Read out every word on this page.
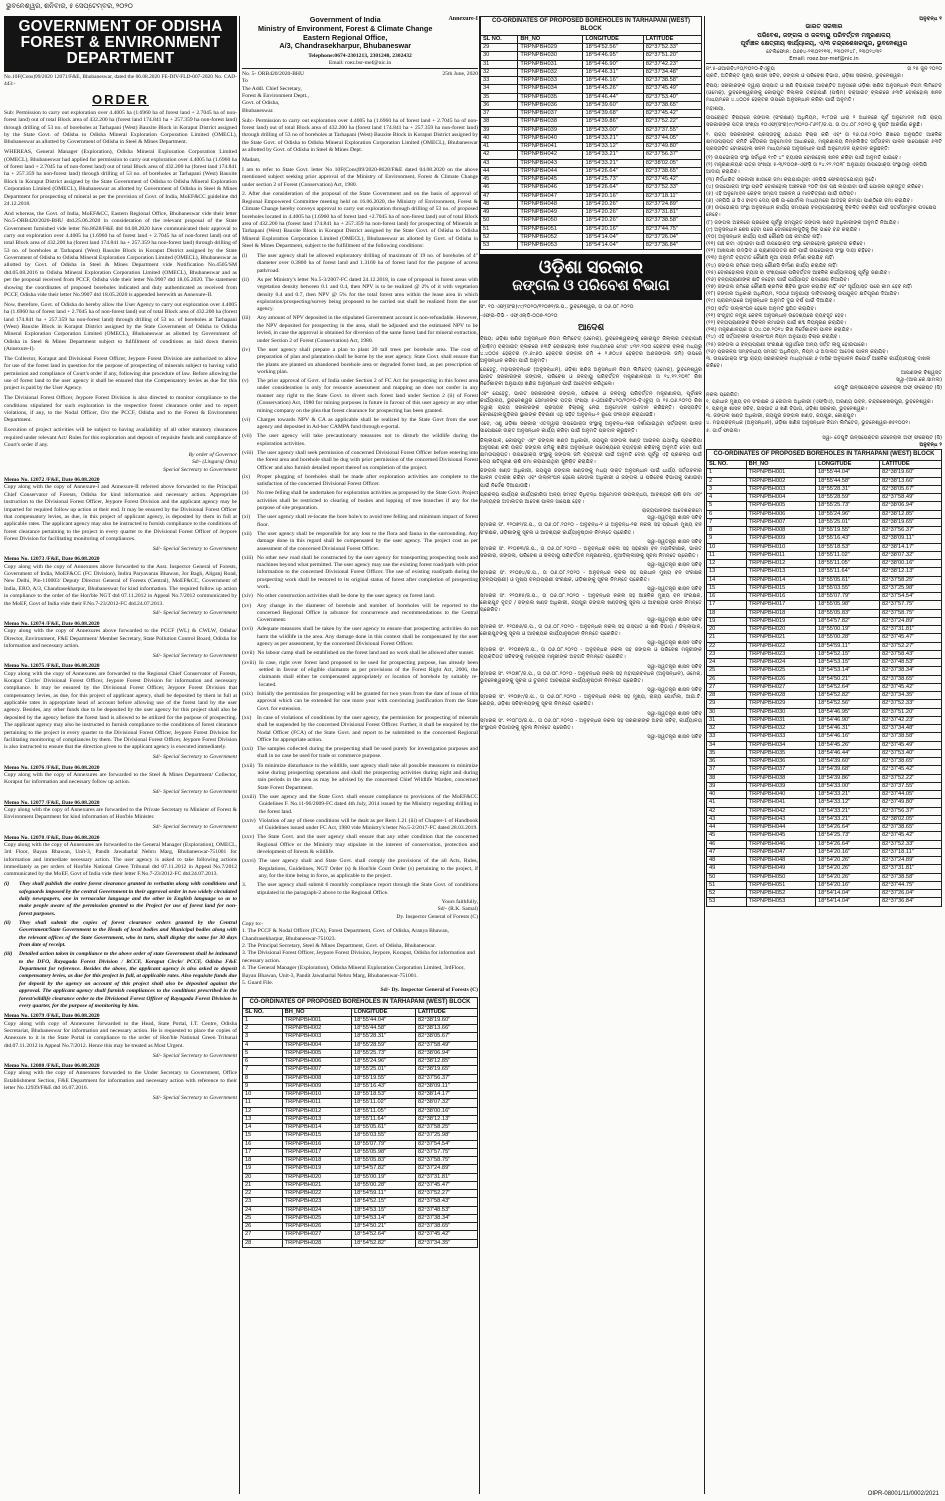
ଭୁବନେଶ୍ୱର, ଶନିବାର, ୫ ସେପ୍ଟେମ୍ବର, ୨୦୨୦
GOVERNMENT OF ODISHA FOREST & ENVIRONMENT DEPARTMENT

No.10F(Cons)99/2020 12071/F&E, Bhubaneswar, dated the 06.08.2020 FE-DIV-FLD-007-2020 No. CAD-443:-

ORDER

Sub: Permission to carry out exploration over 4.4005 ha (1.6960 ha of forest land + 2.7045 ha of non-forest land) out of total Block area of 432.200 ha (forest land 174.841 ha + 257.359 ha non-forest land) through drilling of 53 no. of boreholes at Tarhapani (West) Bauxite Block in Koraput District assigned by the State Govt. of Odisha to Odisha Mineral Exploration Corporation Limited (OMECL), Bhubaneswar as allotted by Government of Odisha in Steel & Mines Department.

WHEREAS, General Manager (Exploration), Odisha Mineral Exploration Corporation Limited (OMECL), Bhubaneswar had applied for permission to carry out exploration over 4.4005 ha (1.6960 ha of forest land + 2.7045 ha of non-forest land) out of total Block area of 432.200 ha (forest land 174.841 ha + 257.359 ha non-forest land) through drilling of 53 no. of boreholes at Tarhapani (West) Bauxite Block in Koraput District assigned by the State Government of Odisha to Odisha Mineral Exploration Corporation Limited (OMECL), Bhubaneswar as allotted by Government of Odisha in Steel & Mines Department for prospecting of mineral as per the provision of Govt. of India, MoEF&CC guideline dtd 24.12.2018.

And whereas, the Govt. of India, MoEF&CC, Eastern Regional Office, Bhubaneswar vide their letter No.5-ORB420/2020-BHU dtd.25.06.2020 in consideration of the relevant proposal of the State Government furnished vide letter No.8628/F&E dtd 04.08.2020 have communicated their approval to carry out exploration over 4.4005 ha (1.6960 ha of forest land + 2.7045 ha of non-forest land) out of total Block area of 432.200 ha (forest land 174.841 ha + 257.359 ha non-forest land) through drilling of 53 no. of boreholes at Tarhapani (West) Bauxite Block in Koraput District assigned by the State Government of Odisha to Odisha Mineral Exploration Corporation Limited (OMECL), Bhubaneswar as allotted by Govt. of Odisha in Steel & Mines Department vide Notification No.4505/SM dtd.05.08.2016 to Odisha Mineral Exploration Corporation Limited (OMECL), Bhubaneswar and as per the proposal received from PCCF, Odisha vide their letter No.9907 dtd 18.05.2020. The statement showing the coordinates of proposed boreholes indicated and duly authenticated as received from PCCF, Odisha vide their letter No.9907 dtd 18.05.2020 is appended herewith as Annexure-II.

Now, therefore, Govt. of Odisha do hereby allow the User Agency to carry out exploration over 4.4005 ha (1.6960 ha of forest land + 2.7045 ha of non-forest land) out of total Block area of 432.200 ha (forest land 174.841 ha + 257.359 ha non-forest land) through drilling of 53 no. of boreholes at Tarhapani (West) Bauxite Block in Koraput District assigned by the State Government of Odisha to Odisha Mineral Exploration Corporation Limited (OMECL), Bhubaneswar as allotted by Government of Odisha in Steel & Mines Department subject to fulfillment of conditions as laid down therein (Annexure-I).

The Collector, Koraput and Divisional Forest Officer, Jeypore Forest Division are authorized to allow for use of the forest land in question for the purpose of prospecting of minerals subject to having valid permission and compliance of Court's order if any, following due procedure of law. Before allowing the use of forest land to the user agency it shall be ensured that the Compensatory levies as due for this project is paid by the User Agency.

The Divisional Forest Officer, Jeypore Forest Division is also directed to monitor compliance to the conditions stipulated for such exploration in the respective forest clearance order and to report violations, if any, to the Nodal Officer, O/o the PCCF, Odisha and to the Forest & Environment Department.

Execution of project activities will be subject to having availability of all other statutory clearances required under relevant Act/ Rules for this exploration and deposit of requisite funds and compliance of Court's order if any.

By order of Governor
Sd/- (Lingaraj Otta)
Special Secretary to Government
Memo No. 12072 /F&E, Date 06.08.2020

Copy along with the copy of Annexure-I and Annexure-II referred above forwarded to the Principal Chief Conservator of Forests, Odisha for kind information and necessary action. Appropriate instruction to the Divisional Forest Officer, Jeypore Forest Division and the applicant agency may be imparted for required follow up action at their end. It may be ensured by the Divisional Forest Officer that compensatory levies, as due, in this project of applicant agency, is deposited by them in full at applicable rates. The applicant agency may also be instructed to furnish compliance to the conditions of forest clearance pertaining to the project in every quarter to the Divisional Forest Officer of Jeypore Forest Division for facilitating monitoring of compliances.

Sd/- Special Secretary to Government
Memo No. 12073 /F&E, Date 06.08.2020

Copy along with the copy of Annexures above forwarded to the Asst. Inspector General of Forests, Government of India, MoEF&CC (FC Division), Indira Paryavaran Bhawan, Jor Bagh, Aliganj Road, New Delhi, Pin-110003/ Deputy Director General of Forests (Central), MoEF&CC, Government of India, ERO, A/3, Chandrasekharpur, Bhubaneswar for kind information. The required follow up action in compliance to the order of the Hon'ble NGT dtd 07.11.2012 in Appeal No.7/2012 communicated by the MoEF, Govt of India vide their F.No.7-23/2012-FC dtd.24.07.2013.

Sd/- Special Secretary to Government
Memo No. 12074 /F&E, Date 06.08.2020

Copy along with the copy of Annexures above forwarded to the PCCF (WL) & CWLW, Odisha/ Director, Environment, F&E Department/ Member Secretary, State Pollution Control Board, Odisha for information and necessary action.

Sd/- Special Secretary to Government
Memo No. 12075 /F&E, Date 06.08.2020

Copy along with the copy of Annexures are forwarded to the Regional Chief Conservator of Forests, Koraput Circle/ Divisional Forest Officer, Jeypore Forest Division for information and necessary compliance. It may be ensured by the Divisional Forest Officer, Jeypore Forest Division that compensatory levies, as due, for this project of applicant agency, shall be deposited by them in full at applicable rates in appropriate head of account before allowing use of the forest land by the user agency. Besides, any other funds due to be deposited by the user agency for this project shall also be deposited by the agency before the forest land is allowed to be utilized for the purpose of prospecting. The applicant agency may also be instructed to furnish compliance to the conditions of forest clearance pertaining to the project in every quarter to the Divisional Forest Officer, Jeypore Forest Division for facilitating monitoring of compliances by them. The Divisional Forest Officer, Jeypore Forest Division is also instructed to ensure that the direction given to the applicant agency is executed immediately.

Sd/- Special Secretary to Government
Memo No. 12076 /F&E, Date 06.08.2020

Copy along with the copy of Annexures are forwarded to the Steel & Mines Department/ Collector, Koraput for information and necessary follow up action.

Sd/- Special Secretary to Government
Memo No. 12077 /F&E, Date 06.08.2020

Copy along with the copy of Annexures are forwarded to the Private Secretary to Minister of Forest & Environment Department for kind information of Hon'ble Minister.

Sd/- Special Secretary to Government
Memo No. 12078 /F&E, Date 06.08.2020

Copy along with the copy of Annexures are forwarded to the General Manager (Exploration), OMECL, 3rd Floor, Bayan Bhawan, Unit-3, Pandit Jawaharlal Nehru Marg, Bhubaneswar-751001 for information and immediate necessary action. The user agency is asked to take following actions immediately as per orders of Hon'ble National Green Tribunal dtd 07.11.2012 in Appeal No.7/2012 communicated by the MoEF, Govt of India vide their letter F.No.7-23/2012-FC dtd.24.07.2013.

(i)	They shall publish the entire forest clearance granted in verbatim along with conditions and safeguards imposed by the central Government in their approval order in two widely circulated daily newspapers, one in vernacular language and the other in English language so as to make people aware of the permission granted to the Project for use of forest land for non-forest purposes.
(ii)	They shall submit the copies of forest clearance orders granted by the Central Government/State Government to the Heads of local bodies and Municipal bodies along with the relevant offices of the State Government, who in turn, shall display the same for 30 days from date of receipt.
(iii)	Detailed action taken in compliance to the above order of state Government shall be intimated to the DFO, Rayagada Forest Division / RCCF, Koraput Circle/ PCCF, Odisha F&E Department for reference. Besides the above, the applicant agency is also asked to deposit compensatory levies, as due for this project in full, at applicable rates. Also requisite funds due for deposit by the agency on account of this project shall also be deposited against the approval. The applicant agency shall furnish compliances to the conditions prescribed in the forest/wildlife clearance order to the Divisional Forest Officer of Rayagada Forest Division in every quarter, for the purpose of monitoring by him.
Memo No. 12079 /F&E, Date 06.08.2020

Copy along with copy of Annexures forwarded to the Head, State Portal, I.T. Centre, Odisha Secretariat, Bhubaneswar for information and necessary action. He is requested to place the copies of Annexure to it in the State Portal in compliance to the order of Hon'ble National Green Tribunal dtd.07.11.2012 in Appeal No.7/2012. Hence this may be treated as Most Urgent.

Sd/- Special Secretary to Government
Memo No. 12080 /F&E, Date 06.08.2020

Copy along with the copy of Annexures forwarded to the Under Secretary to Government, Office Establishment Section, F&E Department for information and necessary action with reference to their letter No.12939/F&E dtd 16.07.2016.

Sd/- Special Secretary to Government
Government of India
Ministry of Environment, Forest & Climate Change
Eastern Regional Office,
A/3, Chandrasekharpur, Bhubaneswar
Annexure-I
Telephone:0674-2301213, 2301248, 2302432
Email: roez.bsr-mef@nic.in
No. 5- ORB420/2020-BHU	25th June, 2020

To
The Addl. Chief Secretary,
Forest & Environment Deptt.,
Govt. of Odisha,
Bhubaneswar.

Sub:- Permission to carry out exploration over 4.4005 ha (1.6960 ha of forest land + 2.7045 ha of non-forest land) out of total Block area of 432.200 ha (forest land 174.841 ha + 257.359 ha non-forest land) through drilling of 53 no of boreholes at Tarhapani (West) Bauxite Block in Koraput District assigned by the State Govt. of Odisha to Odisha Mineral Exploration Corporation Limited (OMECL), Bhubaneswar as allotted by Govt. of Odisha in Steel & Mines Dept.

Madam,

I am to refer to State Govt. letter No 10F(Cons)99/2020-8628/F&E dated 04.08.2020 on the above mentioned subject seeking prior approval of the Ministry of Environment, Forest & Climate Change under section 2 of Forest (Conservation) Act, 1980.

2. After due consideration of the proposal of the State Government and on the basis of approval of Regional Empowered Committee meeting held on 16.06.2020, the Ministry of Environment, Forest & Climate Change hereby conveys approval to carry out exploration through drilling of 53 no. of proposed boreholes located in 4.4005 ha (1.6960 ha of forest land +2.7045 ha of non-forest land) out of total Block area of 432.200 ha (forest land 174.841 ha + 257.359 ha non-forest land) for prospecting of Minerals at Tarhapani (West) Bauxite Block in Koraput District assigned by the State Govt. of Odisha to Odisha Mineral Exploration Corporation Limited (OMECL), Bhubaneswar as allotted by Govt. of Odisha in Steel & Mines Department, subject to the fulfillment of the following conditions:

(i)	The user agency shall be allowed exploratory drilling of maximum of 19 no. of boreholes of 4" diameter over 0.3800 ha of forest land and 1.3160 ha of forest land for the purpose of access path/road.
(ii)	As per Ministry's letter No.5-3/2007-FC dated 24.12.2018, in case of proposal in forest areas with vegetation density between 0.1 and 0.4, then NPV is to be realized @ 2% of it with vegetation density 0.4 and 0.7, then NPV @ 5% for the total forest area within the lease area in which exploration/prospecting/survey being proposed to be carried out shall be realized from the user agency.
(iii)	Any amount of NPV deposited in the stipulated Government account is non-refundable. However, the NPV deposited for prospecting in the area, shall be adjusted and the estimated NPV to be levied, in case the approval is obtained for diversion of the same forest land for mineral extraction, under Section 2 of Forest (Conservation) Act, 1980.
(iv)	The user agency shall prepare a plan to plant 20 tall trees per borehole area. The cost of preparation of plan and plantation shall be borne by the user agency. State Govt. shall ensure that the plants are planted on abandoned borehole area or degraded forest land, as per prescription of working plan.
(v)	The prior approval of Govt. of India under Section 2 of FC Act for prospecting in this forest area under consideration is only for resource assessment and mapping an does not confer in any manner any right to the State Govt. to divert such forest land under Section 2 (ii) of Forest (Conservation) Act, 1980 for mining purposes in future in favour of this user agency or any other mining company on the plea that forest clearance for prospecting has been granted.
(vi)	Charges towards NPV & CA as applicable shall be realized by the State Govt from the user agency and deposited in Ad-hoc CAMPA fund through e-portal.
(vii) The user agency will take precautionary measures not to disturb the wildlife during the exploration activities.
(viii) The user agency shall seek permission of concerned Divisional Forest Officer before entering into the forest area and borehole shall be dug with prior permission of the concerned Divisional Forest Officer and also furnish detailed report thereof on completion of the project.
(ix)	Proper plugging of boreholes shall be made after exploration activities are complete to the satisfaction of the concerned Divisional Forest Officer.
(x)	No tree felling shall be undertaken for exploration activities as proposed by the State Govt. Project activities shall be restricted to clearing of bushes and lopping of tree branches if any for the purpose of site preparation.
(xi)	The user agency shall re-locate the bore hole/s to avoid tree felling and minimum impact of forest floor.
(xii) The user agency shall be responsible for any loss to the flora and fauna in the surrounding. Any damage done in this regard shall be compensated by the user agency. The project cost as per assessment of the concerned Divisional Forest Officer.
(xiii) No other new road shall be constructed by the user agency for transporting prospecting tools and machines beyond what permitted. The user agency may use the existing forest road/path with prior information to the concerned Divisional Forest Officer. The use of existing road/path during the prospecting work shall be restored to its original status of forest after completion of prospecting work.
(xiv) No other construction activities shall be done by the user agency on forest land.
(xv)	Any change in the diameter of borehole and number of boreholes will be reported to the concerned Regional Office in advance for concurrence and recommendations to the Central Government.
(xvi) Adequate measures shall be taken by the user agency to ensure that prospecting activities do not harm the wildlife in the area. Any damage done in this context shall be compensated by the user agency as per assessment, by the concerned Divisional Forest Officer.
(xvii) No labour camp shall be established on the forest land and no work shall be allowed after sunset.
(xviii) In case, right over forest land proposed to be used for prospecting purpose, has already been settled in favour of eligible claimants as per provisions of the Forest Right Act, 2006, the claimants shall either be compensated appropriately or location of borehole by suitably re-located.
(xix) Initially the permission for prospecting will be granted for two years from the date of issue of this approval which can be extended for one more year with convincing justification from the State Govt. for extension.
(xx)	In case of violations of conditions by the user agency, the permission for prospecting of minerals shall be suspended by the concerned Divisional Forest Officer. Further, it shall be enquired by the Nodal Officer (FCA) of the State Govt. and report to be submitted to the concerned Regional Office for appropriate action.
(xxi) The samples collected during the prospecting shall be used purely for investigation purposes and shall in no case be used for trade or commerce purpose.
(xxii) To minimize disturbance to the wildlife, user agency shall take all possible measures to minimize noise during prospecting operations and shall the prospecting activities during night and during rain periods in the area as may be advised by the concerned Chief Wildlife Warden, concerned State Forest Department.
(xxiii) The user agency and the State Govt. shall ensure compliance to provisions of the MoEF&CC Guidelines F. No.11-96/2009-FC dated 4th July, 2014 issued by the Ministry regarding drilling in the forest land.
(xxiv) Violation of any of these conditions will be dealt as per Rem 1.21 (iii) of Chapter-1 of Handbook of Guidelines issued under FC Act, 1980 vide Ministry's letter No.5-2/2017-FC dated 28.03.2019.
(xxv) The State Govt. and the user agency shall ensure that any other condition that the concerned Regional Office or the Ministry may stipulate in the interest of conservation, protection and development of forests & wildlife.
(xxvi) The user agency shall and State Govt. shall comply the provisions of the all Acts, Rules, Regulations, Guidelines, NGT Order (s) & Hon'ble Court Order (s) pertaining to the project, if any, for the time being in force, as applicable to the project.
3.	The user agency shall submit 6 monthly compliance report through the State Govt. of conditions stipulated in the paragraph-2 above to the Regional Office.
Yours faithfully,
Sd/- (R.K. Samal)
Dy. Inspector General of Forests (C)
Copy to:-
1. The PCCF & Nodal Officer (FCA), Forest Department, Govt. of Odisha, Aranya Bhawan, Chandrasekharpur, Bhubaneswar-751023.
2. The Principal Secretary, Steel & Mines Department, Govt. of Odisha, Bhubaneswar.
3. The Divisional Forest Officer, Jeypore Forest Division, Jeypore, Koraput, Odisha for information and necessary action.
4. The General Manager (Exploration), Odisha Mineral Exploration Corporation Limited, 3rdFloor, Bayan Bhawan, Unit-3, Pandit Jawaharlal Nehru Marg, Bhubaneswar-751001.
5. Guard File.
Sd/- Dy. Inspector General of Forests (C)
CO-ORDINATES OF PROPOSED BOREHOLES IN TARHAPANI (WEST) BLOCK
SL NO.	BH_NO	LONGITUDE	LATITUDE
1	TRPNPBH001	18°55'44.04"	82°38'19.60"
2	TRPNPBH002	18°55'44.58"	82°38'13.66"
3	TRPNPBH003	18°55'28.31"	82°38'05.67"
4	TRPNPBH004	18°55'28.59"	82°37'58.49"
5	TRPNPBH005	18°55'25.73"	82°38'06.94"
6	TRPNPBH006	18°55'24.96"	82°38'12.85"
7	TRPNPBH007	18°55'25.01"	82°38'19.65"
8	TRPNPBH008	18°55'19.55"	82°37'56.37"
9	TRPNPBH009	18°55'16.43"	82°38'09.11"
10	TRPNPBH010	18°55'18.53"	82°38'14.17"
11	TRPNPBH011	18°55'11.02"	82°38'07.32"
12	TRPNPBH012	18°55'11.05"	82°38'00.16"
13	TRPNPBH013	18°55'11.64"	82°38'12.13"
14	TRPNPBH014	18°55'05.61"	82°37'58.25"
15	TRPNPBH015	18°55'03.55"	82°37'25.98"
16	TRPNPBH016	18°55'07.79"	82°37'54.54"
17	TRPNPBH017	18°55'05.98"	82°37'57.75"
18	TRPNPBH018	18°55'05.83"	82°37'58.75"
19	TRPNPBH019	18°54'57.82"	82°37'24.89"
20	TRPNPBH020	18°55'00.19"	82°37'31.81"
21	TRPNPBH021	18°55'00.28"	82°37'45.47"
22	TRPNPBH022	18°54'59.11"	82°37'52.27"
23	TRPNPBH023	18°54'52.15"	82°37'58.43"
24	TRPNPBH024	18°54'53.15"	82°37'48.53"
25	TRPNPBH025	18°54'53.14"	82°37'38.34"
26	TRPNPBH026	18°54'50.21"	82°37'38.65"
27	TRPNPBH027	18°54'52.64"	82°37'45.42"
28	TRPNPBH028	18°54'52.82"	82°37'34.35"
CO-ORDINATES OF PROPOSED BOREHOLES IN TARHAPANI (WEST) BLOCK
SL NO.	BH_NO	LONGITUDE	LATITUDE
29	TRPNPBH029	18°54'52.56"	82°37'52.33"
30	TRPNPBH030	18°54'46.95"	82°37'51.20"
31	TRPNPBH031	18°54'46.90"	82°37'42.23"
32	TRPNPBH032	18°54'46.31"	82°37'34.48"
33	TRPNPBH033	18°54'46.16"	82°37'38.58"
34	TRPNPBH034	18°54'45.26"	82°37'45.49"
35	TRPNPBH035	18°54'46.44"	82°37'53.40"
36	TRPNPBH036	18°54'39.60"	82°37'38.65"
37	TRPNPBH037	18°54'39.68"	82°37'45.42"
38	TRPNPBH038	18°54'39.86"	82°37'52.22"
39	TRPNPBH039	18°54'33.00"	82°37'37.55"
40	TRPNPBH040	18°54'33.21"	82°37'44.05"
41	TRPNPBH041	18°54'33.12"	82°37'49.80"
42	TRPNPBH042	18°54'33.21"	82°37'56.37"
43	TRPNPBH043	18°54'33.21"	82°38'02.05"
44	TRPNPBH044	18°54'26.64"	82°37'38.65"
45	TRPNPBH045	18°54'25.73"	82°37'45.42"
46	TRPNPBH046	18°54'26.64"	82°37'52.33"
47	TRPNPBH047	18°54'20.16"	82°37'18.11"
48	TRPNPBH048	18°54'20.26"	82°37'24.89"
49	TRPNPBH049	18°54'20.26"	82°37'31.81"
50	TRPNPBH050	18°54'20.26"	82°37'38.58"
51	TRPNPBH051	18°54'20.16"	82°37'44.75"
52	TRPNPBH052	18°54'14.04"	82°37'26.04"
53	TRPNPBH053	18°54'14.04"	82°37'36.84"
ଓଡ଼ିଶା ସରକାର
ଜଙ୍ଗଲ ଓ ପରିବେଶ ବିଭାଗ

ସଂ. ୧୦ ଏଫ୍(ସଂର)୯୯/୨୦୨୦/୧୨୦୭୧/ଜ.ପ., ଭୁବନେଶ୍ୱର, ତା ୦୬.୦୮.୨୦୨୦

-ଏଫ୍‌ଇ-ଡିଭି - ଏଫ୍‌ଏଲ୍‌ଡି-୦୦୭-୨୦୨୦

ଆଦେଶ

ବିଷୟ: ଓଡ଼ିଶା ଖଣିଜ ଅନୁସନ୍ଧାନ ନିଗମ ଲିମିଟେଡ୍ (ଓମେକ୍), ଭୁବନେଶ୍ୱରଙ୍କୁ କୋରାପୁଟ ଜିଲ୍ଲାର ତରହାପାଣି (ପଶ୍ଚିମ) ବକ୍ସାଇଟ୍ ବ୍ଲକରେ ୫୩ଟି ବୋରହୋଲ୍ ଖନନ ମାଧ୍ୟମରେ ମୋଟ ୪୩୨.୨୦୦ ହେକ୍ଟର ବ୍ଲକ୍ ମଧ୍ୟରୁ ୪.୪୦୦୫ ହେକ୍ଟର (୧.୬୯୬୦ ହେକ୍ଟର ଜଙ୍ଗଲ ଜମି + ୨.୭୦୪୫ ହେକ୍ଟର ଅଣଜଙ୍ଗଲ ଜମି) ଉପରେ ଅନୁସନ୍ଧାନ କରିବା ପାଇଁ ଅନୁମତି।

ଯେହେତୁ, ମହାପ୍ରବନ୍ଧକ (ଅନୁସନ୍ଧାନ), ଓଡ଼ିଶା ଖଣିଜ ଅନୁସନ୍ଧାନ ନିଗମ ଲିମିଟେଡ୍ (ଓମେକ୍), ଭୁବନେଶ୍ୱର ଭାରତ ସରକାରଙ୍କ ଜଙ୍ଗଲ, ପରିବେଶ ଓ ଜଳବାୟୁ ପରିବର୍ତ୍ତନ ମନ୍ତ୍ରଣାଳୟର ତା ୨୪.୧୨.୨୦୧୮ ରିଖ ନିର୍ଦ୍ଦେଶାବଳୀ ଅନୁଯାୟୀ ଖଣିଜ ଅନୁସନ୍ଧାନ ପାଇଁ ଆବେଦନ କରିଥିଲେ।

ଏବଂ ଯେହେତୁ, ଭାରତ ସରକାରଙ୍କ ଜଙ୍ଗଲ, ପରିବେଶ ଓ ଜଳବାୟୁ ପରିବର୍ତ୍ତନ ମନ୍ତ୍ରଣାଳୟ, ପୂର୍ବାଞ୍ଚଳ କାର୍ଯ୍ୟାଳୟ, ଭୁବନେଶ୍ୱର ସେମାନଙ୍କ ପତ୍ର ସଂଖ୍ୟା ୫-ଓଆରବି୪୨୦/୨୦୨୦-ବିଏଚ୍ୟୁ ତା ୨୫.୦୬.୨୦୨୦ ରିଖ ଦ୍ୱାରା ରାଜ୍ୟ ସରକାରଙ୍କ ପ୍ରସ୍ତାବ ବିଚାରକୁ ନେଇ ଅନୁମୋଦନ ପ୍ରଦାନ କରିଛନ୍ତି। ପ୍ରସ୍ତାବିତ ବୋରହୋଲଗୁଡ଼ିକର ସ୍ଥାନାଙ୍କ ବିବରଣୀ ଏଥି ସହିତ ଅନୁବନ୍ଧ-୨ ରୂପେ ସଂଲଗ୍ନ କରାଯାଇଛି।

ଏବେ, ଏଣୁ ଓଡ଼ିଶା ସରକାର ଏତଦ୍ୱାରା ଉପଭୋକ୍ତା ସଂସ୍ଥାକୁ ଅନୁବନ୍ଧ-୧ରେ ଦର୍ଶାଯାଇଥିବା ସର୍ତ୍ତାବଳୀ ପାଳନ ସାପେକ୍ଷରେ ଉକ୍ତ ଅନୁସନ୍ଧାନ କାର୍ଯ୍ୟ କରିବା ପାଇଁ ଅନୁମତି ପ୍ରଦାନ କରୁଛନ୍ତି।

ଜିଲ୍ଲାପାଳ, କୋରାପୁଟ ଏବଂ ଜଙ୍ଗଲ ଖଣ୍ଡ ଅଧିକାରୀ, ଜୟପୁର ଜଙ୍ଗଲ ଖଣ୍ଡ ଆଇନର ଯଥାବିଧି ପ୍ରକ୍ରିୟା ଅନୁସରଣ କରି ଉକ୍ତ ଜଙ୍ଗଲ ଜମିକୁ ଖଣିଜ ଅନୁସନ୍ଧାନ ଉଦ୍ଦେଶ୍ୟରେ ବ୍ୟବହାର କରିବାକୁ ଅନୁମତି ଦେବା ପାଇଁ କ୍ଷମତାପ୍ରାପ୍ତ। ଉପଭୋକ୍ତା ସଂସ୍ଥାକୁ ଜଙ୍ଗଲ ଜମି ବ୍ୟବହାର ପାଇଁ ଅନୁମତି ଦେବା ପୂର୍ବରୁ ଏହି ପ୍ରକଳ୍ପ ପାଇଁ ଦେୟ କ୍ଷତିପୂରଣ ରାଶି ଜମା କରାଯାଇଥିବା ସୁନିଶ୍ଚିତ କରାଯିବ।

ଜଙ୍ଗଲ ଖଣ୍ଡ ଅଧିକାରୀ, ଜୟପୁର ଜଙ୍ଗଲ ଖଣ୍ଡଙ୍କୁ ମଧ୍ୟ ଉକ୍ତ ଅନୁସନ୍ଧାନ ପାଇଁ ଧାର୍ଯ୍ୟ ସର୍ତ୍ତାବଳୀର ପାଳନ ତଦାରଖ କରିବା ଏବଂ ଉଲ୍ଲଂଘନ ହେଲେ ନୋଡାଲ ଅଧିକାରୀ ଓ ଜଙ୍ଗଲ ଓ ପରିବେଶ ବିଭାଗକୁ ଜଣାଇବା ପାଇଁ ନିର୍ଦ୍ଦେଶ ଦିଆଯାଉଛି।

ପ୍ରକଳ୍ପ କାର୍ଯ୍ୟର କାର୍ଯ୍ୟକାରିତା ଅନ୍ୟ ସମସ୍ତ ବିଧିବଦ୍ଧ ଅନୁମୋଦନ ଉପଲବ୍ଧତା, ଆବଶ୍ୟକ ରାଶି ଜମା ଏବଂ ମାନ୍ୟବର ଅଦାଲତର ଆଦେଶ ପାଳନ ସାପେକ୍ଷ ହେବ।

ରାଜ୍ୟପାଳଙ୍କ ଆଦେଶକ୍ରମେ
ସ୍ୱା-ସ୍ୱତନ୍ତ୍ର ଶାସନ ସଚିବ

ସ୍ମାରକ ସଂ. ୧୨୦୭୨/ଜ.ପ., ତା ୦୬.୦୮.୨୦୨୦ - ଅନୁବନ୍ଧ-୧ ଓ ଅନୁବନ୍ଧ-୨ର ନକଲ ସହ ପ୍ରଧାନ ମୁଖ୍ୟ ବନ ସଂରକ୍ଷକ, ଓଡ଼ିଶାଙ୍କୁ ସୂଚନା ଓ ଆବଶ୍ୟକ କାର୍ଯ୍ୟାନୁଷ୍ଠାନ ନିମନ୍ତେ ପ୍ରେରିତ।

ସ୍ୱା-ସ୍ୱତନ୍ତ୍ର ଶାସନ ସଚିବ

ସ୍ମାରକ ସଂ. ୧୨୦୭୩/ଜ.ପ., ତା ୦୬.୦୮.୨୦୨୦ - ଅନୁବନ୍ଧର ନକଲ ସହ ସହକାରୀ ବନ ମହାନିରୀକ୍ଷକ, ଭାରତ ସରକାର, ଜଙ୍ଗଲ, ପରିବେଶ ଓ ଜଳବାୟୁ ପରିବର୍ତ୍ତନ ମନ୍ତ୍ରଣାଳୟ, ନୂଆଦିଲ୍ଲୀଙ୍କୁ ସୂଚନା ନିମନ୍ତେ ପ୍ରେରିତ।

ସ୍ୱା-ସ୍ୱତନ୍ତ୍ର ଶାସନ ସଚିବ

ସ୍ମାରକ ସଂ. ୧୨୦୭୪/ଜ.ପ., ତା ୦୬.୦୮.୨୦୨୦ - ଅନୁବନ୍ଧର ନକଲ ସହ ପ୍ରଧାନ ମୁଖ୍ୟ ବନ ସଂରକ୍ଷକ (ବନ୍ୟପ୍ରାଣୀ) ଓ ମୁଖ୍ୟ ବନ୍ୟପ୍ରାଣୀ ସଂରକ୍ଷକ, ଓଡ଼ିଶାଙ୍କୁ ସୂଚନା ନିମନ୍ତେ ପ୍ରେରିତ।

ସ୍ୱା-ସ୍ୱତନ୍ତ୍ର ଶାସନ ସଚିବ

ସ୍ମାରକ ସଂ. ୧୨୦୭୫/ଜ.ପ., ତା ୦୬.୦୮.୨୦୨୦ - ଅନୁବନ୍ଧର ନକଲ ସହ ଆଞ୍ଚଳିକ ମୁଖ୍ୟ ବନ ସଂରକ୍ଷକ, କୋରାପୁଟ ବୃତ୍ତ / ଜଙ୍ଗଲ ଖଣ୍ଡ ଅଧିକାରୀ, ଜୟପୁର ଜଙ୍ଗଲ ଖଣ୍ଡଙ୍କୁ ସୂଚନା ଓ ଆବଶ୍ୟକ ପାଳନ ନିମନ୍ତେ ପ୍ରେରିତ।

ସ୍ୱା-ସ୍ୱତନ୍ତ୍ର ଶାସନ ସଚିବ

ସ୍ମାରକ ସଂ. ୧୨୦୭୬/ଜ.ପ., ତା ୦୬.୦୮.୨୦୨୦ - ଅନୁବନ୍ଧର ନକଲ ସହ ଇସ୍ପାତ ଓ ଖଣି ବିଭାଗ / ଜିଲ୍ଲାପାଳ, କୋରାପୁଟଙ୍କୁ ସୂଚନା ଓ ଆବଶ୍ୟକ କାର୍ଯ୍ୟାନୁଷ୍ଠାନ ନିମନ୍ତେ ପ୍ରେରିତ।

ସ୍ୱା-ସ୍ୱତନ୍ତ୍ର ଶାସନ ସଚିବ

ସ୍ମାରକ ସଂ. ୧୨୦୭୭/ଜ.ପ., ତା ୦୬.୦୮.୨୦୨୦ - ଅନୁବନ୍ଧର ନକଲ ସହ ଜଙ୍ଗଲ ଓ ପରିବେଶ ମନ୍ତ୍ରୀଙ୍କ ବ୍ୟକ୍ତିଗତ ସଚିବଙ୍କୁ ମାନ୍ୟବର ମନ୍ତ୍ରୀଙ୍କ ଅବଗତି ନିମନ୍ତେ ପ୍ରେରିତ।

ସ୍ୱା-ସ୍ୱତନ୍ତ୍ର ଶାସନ ସଚିବ

ସ୍ମାରକ ସଂ. ୧୨୦୭୮/ଜ.ପ., ତା ୦୬.୦୮.୨୦୨୦ - ଅନୁବନ୍ଧର ନକଲ ସହ ମହାପ୍ରବନ୍ଧକ (ଅନୁସନ୍ଧାନ), ଓମେକ୍, ଭୁବନେଶ୍ୱରଙ୍କୁ ସୂଚନା ଓ ତୁରନ୍ତ ଆବଶ୍ୟକ କାର୍ଯ୍ୟାନୁଷ୍ଠାନ ନିମନ୍ତେ ପ୍ରେରିତ।

ସ୍ୱା-ସ୍ୱତନ୍ତ୍ର ଶାସନ ସଚିବ

ସ୍ମାରକ ସଂ. ୧୨୦୭୯/ଜ.ପ., ତା ୦୬.୦୮.୨୦୨୦ - ଅନୁବନ୍ଧର ନକଲ ସହ ମୁଖ୍ୟ, ରାଜ୍ୟ ପୋର୍ଟାଲ, ଆଇ.ଟି. କେନ୍ଦ୍ର, ଓଡ଼ିଶା ସଚିବାଳୟଙ୍କୁ ସୂଚନା ନିମନ୍ତେ ପ୍ରେରିତ।

ସ୍ୱା-ସ୍ୱତନ୍ତ୍ର ଶାସନ ସଚିବ

ସ୍ମାରକ ସଂ. ୧୨୦୮୦/ଜ.ପ., ତା ୦୬.୦୮.୨୦୨୦ - ଅନୁବନ୍ଧର ନକଲ ସହ ସରକାରଙ୍କ ଅବର ସଚିବ, କାର୍ଯ୍ୟାଳୟ ସଂସ୍ଥାପନ ବିଭାଗଙ୍କୁ ସୂଚନା ନିମନ୍ତେ ପ୍ରେରିତ।

ସ୍ୱା-ସ୍ୱତନ୍ତ୍ର ଶାସନ ସଚିବ
ଅନୁବନ୍ଧ ୧
ଭାରତ ସରକାର
ପରିବେଶ, ଜଙ୍ଗଲ ଓ ଜଳବାୟୁ ପରିବର୍ତ୍ତନ ମନ୍ତ୍ରଣାଳୟ
ପୂର୍ବାଞ୍ଚଳ କ୍ଷେତ୍ରୀୟ କାର୍ଯ୍ୟାଳୟ, ଏ/୩ ଚନ୍ଦ୍ରଶେଖରପୁର, ଭୁବନେଶ୍ୱର
ଟେଲିଫୋନ: ୦୬୭୪-୨୩୦୧୨୧୩, ୨୩୦୧୨୪୮, ୨୩୦୨୪୩୨
Email: roez.bsr-mef@nic.in
ନଂ.୫-ଓଆରବି୪୨୦/୨୦୨୦-ବିଏଚ୍ୟୁ	ତା ୨୫ ଜୁନ ୨୦୨୦

ପ୍ରତି, ଅତିରିକ୍ତ ମୁଖ୍ୟ ଶାସନ ସଚିବ, ଜଙ୍ଗଲ ଓ ପରିବେଶ ବିଭାଗ, ଓଡ଼ିଶା ସରକାର, ଭୁବନେଶ୍ୱର।

ବିଷୟ: ସରକାରଙ୍କ ଦ୍ୱାରା ଇସ୍ପାତ ଓ ଖଣି ବିଭାଗରେ ଆବଣ୍ଟିତ ଅନୁସାରେ ଓଡ଼ିଶା ଖଣିଜ ଅନୁସନ୍ଧାନ ନିଗମ ଲିମିଟେଡ୍ (ଓମେକ୍), ଭୁବନେଶ୍ୱରଙ୍କୁ କୋରାପୁଟ ଜିଲ୍ଲାର ତରହାପାଣି (ପଶ୍ଚିମ) ବକ୍ସାଇଟ୍ ବ୍ଲକରେ ୫୩ଟି ବୋରହୋଲ୍ ଖନନ ମାଧ୍ୟମରେ ୪.୪୦୦୫ ହେକ୍ଟର ଉପରେ ଅନୁସନ୍ଧାନ କରିବା ପାଇଁ ଅନୁମତି।

ମହାଶୟା,

ଉପରୋକ୍ତ ବିଷୟରେ ଜଙ୍ଗଲ (ସଂରକ୍ଷଣ) ଅଧିନିୟମ, ୧୯୮୦ର ଧାରା ୨ ଅଧୀନରେ ପୂର୍ବ ଅନୁମୋଦନ ମାଗି ରାଜ୍ୟ ସରକାରଙ୍କ ପତ୍ର ସଂଖ୍ୟା ୧୦ଏଫ୍(ସଂର)୯୯/୨୦୨୦-୮୬୨୮/ଜ.ପ. ତା ୦୪.୦୮.୨୦୨୦ କୁ ଦୃଷ୍ଟି ଆକର୍ଷଣ କରୁଛି।

୨. ରାଜ୍ୟ ସରକାରଙ୍କ ପ୍ରସ୍ତାବକୁ ଯଥାଯଥ ବିଚାର କରି ଏବଂ ତା ୧୬.୦୬.୨୦୨୦ ରିଖରେ ଅନୁଷ୍ଠିତ ଆଞ୍ଚଳିକ କ୍ଷମତାପ୍ରାପ୍ତ କମିଟି ବୈଠକର ଅନୁମୋଦନ ଆଧାରରେ, ମନ୍ତ୍ରଣାଳୟ ନିମ୍ନଲିଖିତ ସର୍ତ୍ତାବଳୀ ପାଳନ ସାପେକ୍ଷରେ ୫୩ଟି ପ୍ରସ୍ତାବିତ ବୋରହୋଲ୍ ଖନନ ମାଧ୍ୟମରେ ଅନୁସନ୍ଧାନ ପାଇଁ ଅନୁମୋଦନ ପ୍ରଦାନ କରୁଛନ୍ତି:

(୧) ଉପଭୋକ୍ତା ସଂସ୍ଥା ସର୍ବାଧିକ ୧୯ଟି ୪" ବ୍ୟାସର ବୋରହୋଲ୍ ଖନନ କରିବା ପାଇଁ ଅନୁମତି ପାଇବେ।
(୨) ମନ୍ତ୍ରଣାଳୟର ପତ୍ର ସଂଖ୍ୟା ୫-୩/୨୦୦୭-ଏଫ୍‌ସି ତା ୨୪.୧୨.୨୦୧୮ ଅନୁଯାୟୀ ଉପଭୋକ୍ତା ସଂସ୍ଥାଠାରୁ ଏନ୍‌ପିଭି ଆଦାୟ କରାଯିବ।
(୩) ନିର୍ଦ୍ଧାରିତ ସରକାରୀ ଖାତାରେ ଜମା କରାଯାଇଥିବା ଏନ୍‌ପିଭି ଫେରସ୍ତଯୋଗ୍ୟ ନୁହେଁ।
(୪) ଉପଭୋକ୍ତା ସଂସ୍ଥା ପ୍ରତି ବୋରହୋଲ୍ ଅଞ୍ଚଳରେ ୨୦ଟି ଉଚ୍ଚ ଗଛ ଲଗାଇବା ପାଇଁ ଯୋଜନା ପ୍ରସ୍ତୁତ କରିବେ।
(୫) ଏହି ଅନୁମୋଦନ କେବଳ ସମ୍ପଦ ଆକଳନ ଓ ମାନଚିତ୍ରଣ ପାଇଁ ଉଦ୍ଦିଷ୍ଟ।
(୬) ଏନ୍‌ପିଭି ଓ ସିଏ ବାବଦ ଦେୟ ରାଶି ଇ-ପୋର୍ଟାଲ ମାଧ୍ୟମରେ ଆଡହକ୍ କାମ୍ପା ପାଣ୍ଠିରେ ଜମା କରାଯିବ।
(୭) ଉପଭୋକ୍ତା ସଂସ୍ଥା ଅନୁସନ୍ଧାନ କାର୍ଯ୍ୟ ସମୟରେ ବନ୍ୟପ୍ରାଣୀଙ୍କୁ ବିଚଳିତ ନକରିବା ପାଇଁ ସତର୍କତାମୂଳକ ପଦକ୍ଷେପ ନେବେ।
(୮) ଜଙ୍ଗଲ ଅଞ୍ଚଳରେ ପ୍ରବେଶ ପୂର୍ବରୁ ସମ୍ପୃକ୍ତ ଜଙ୍ଗଲ ଖଣ୍ଡ ଅଧିକାରୀଙ୍କ ଅନୁମତି ନିଆଯିବ।
(୯) ଅନୁସନ୍ଧାନ ଶେଷ ହେବା ପରେ ବୋରହୋଲଗୁଡ଼ିକୁ ଠିକ୍ ଭାବେ ବନ୍ଦ କରାଯିବ।
(୧୦) ଅନୁସନ୍ଧାନ କାର୍ଯ୍ୟ ପାଇଁ କୌଣସି ଗଛ କଟାଯିବ ନାହିଁ।
(୧୧) ଗଛ କଟା ଏଡ଼ାଇବା ପାଇଁ ଉପଭୋକ୍ତା ସଂସ୍ଥା ବୋରହୋଲ୍ ସ୍ଥାନାନ୍ତର କରିବେ।
(୧୨) ଆଖପାଖ ଉଦ୍ଭିଦ ଓ ପ୍ରାଣୀଜଗତର କ୍ଷତି ପାଇଁ ଉପଭୋକ୍ତା ସଂସ୍ଥା ଦାୟୀ ରହିବେ।
(୧୩) ଅନୁମତି ବ୍ୟତୀତ କୌଣସି ନୂଆ ରାସ୍ତା ନିର୍ମାଣ କରାଯିବ ନାହିଁ।
(୧୪) ଜଙ୍ଗଲ ଜମିରେ ଅନ୍ୟ କୌଣସି ନିର୍ମାଣ କାର୍ଯ୍ୟ କରାଯିବ ନାହିଁ।
(୧୫) ବୋରହୋଲର ବ୍ୟାସ ବା ସଂଖ୍ୟାରେ ପରିବର୍ତ୍ତନ ଆଞ୍ଚଳିକ କାର୍ଯ୍ୟାଳୟକୁ ପୂର୍ବରୁ ଜଣାଯିବ।
(୧୬) ବନ୍ୟପ୍ରାଣୀଙ୍କ କ୍ଷତି ନହେବା ପାଇଁ ପର୍ଯ୍ୟାପ୍ତ ପଦକ୍ଷେପ ନିଆଯିବ।
(୧୭) ଜଙ୍ଗଲ ଜମିରେ କୌଣସି ଶ୍ରମିକ ଶିବିର ସ୍ଥାପନ କରାଯିବ ନାହିଁ ଏବଂ ସୂର୍ଯ୍ୟାସ୍ତ ପରେ କାମ ହେବ ନାହିଁ।
(୧୮) ଜଙ୍ଗଲ ଅଧିକାର ଅଧିନିୟମ, ୨୦୦୬ ଅନୁଯାୟୀ ଦାବିଦାରଙ୍କୁ ଉପଯୁକ୍ତ କ୍ଷତିପୂରଣ ଦିଆଯିବ।
(୧୯) ପ୍ରାରମ୍ଭରେ ଅନୁସନ୍ଧାନ ଅନୁମତି ଦୁଇ ବର୍ଷ ପାଇଁ ଦିଆଯିବ।
(୨୦) ସର୍ତ୍ତ ଉଲ୍ଲଂଘନ ହେଲେ ଅନୁମତି ସ୍ଥଗିତ କରାଯିବ।
(୨୧) ସଂଗୃହୀତ ନମୁନା କେବଳ ଅନୁସନ୍ଧାନ ଉଦ୍ଦେଶ୍ୟରେ ବ୍ୟବହୃତ ହେବ।
(୨୨) ବନ୍ୟପ୍ରାଣୀଙ୍କ ବିଚଳନ କମାଇବା ପାଇଁ ଶବ୍ଦ ନିୟନ୍ତ୍ରଣ କରାଯିବ।
(୨୩) ମନ୍ତ୍ରଣାଳୟର ତା ୦୪.୦୭.୨୦୧୪ ରିଖ ନିର୍ଦ୍ଦେଶାବଳୀ ପାଳନ କରାଯିବ।
(୨୪) ଏହି ସର୍ତ୍ତାବଳୀର ଉଲ୍ଲଂଘନ ନିୟମ ଅନୁଯାୟୀ ବିଚାର କରାଯିବ।
(୨୫) ଜଙ୍ଗଲ ଓ ବନ୍ୟପ୍ରାଣୀ ସଂରକ୍ଷଣ ସ୍ୱାର୍ଥରେ ଅନ୍ୟ ସର୍ତ୍ତ ଲାଗୁ ହୋଇପାରେ।
(୨୬) ପ୍ରକଳ୍ପ ସମ୍ବନ୍ଧୀୟ ସମସ୍ତ ଅଧିନିୟମ, ନିୟମ ଓ ଅଦାଲତ ଆଦେଶ ପାଳନ କରାଯିବ।
୩. ଉପଭୋକ୍ତା ସଂସ୍ଥା ରାଜ୍ୟ ସରକାରଙ୍କ ମାଧ୍ୟମରେ ୬ ମାସିକ ଅନୁପାଳନ ରିପୋର୍ଟ ଆଞ୍ଚଳିକ କାର୍ଯ୍ୟାଳୟକୁ ଦାଖଲ କରିବେ।
ଆପଣଙ୍କ ବିଶ୍ୱସ୍ତ
ସ୍ୱା-(ଆର.କେ.ସାମଲ)
ଡେପୁଟି ଇନ୍‌ସପେକ୍ଟର ଜେନେରାଲ ଅଫ୍ ଫରେଷ୍ଟ (ସି)
ନକଲ ପ୍ରେରିତ:
୧. ପ୍ରଧାନ ମୁଖ୍ୟ ବନ ସଂରକ୍ଷକ ଓ ନୋଡାଲ ଅଧିକାରୀ (ଏଫ୍‌ସିଏ), ଅରଣ୍ୟ ଭବନ, ଚନ୍ଦ୍ରଶେଖରପୁର, ଭୁବନେଶ୍ୱର।
୨. ପ୍ରମୁଖ ଶାସନ ସଚିବ, ଇସ୍ପାତ ଓ ଖଣି ବିଭାଗ, ଓଡ଼ିଶା ସରକାର, ଭୁବନେଶ୍ୱର।
୩. ଜଙ୍ଗଲ ଖଣ୍ଡ ଅଧିକାରୀ, ଜୟପୁର ଜଙ୍ଗଲ ଖଣ୍ଡ, ଜୟପୁର, କୋରାପୁଟ।
୪. ମହାପ୍ରବନ୍ଧକ (ଅନୁସନ୍ଧାନ), ଓଡ଼ିଶା ଖଣିଜ ଅନୁସନ୍ଧାନ ନିଗମ ଲିମିଟେଡ୍, ଭୁବନେଶ୍ୱର-୭୫୧୦୦୧।
୫. ଗାର୍ଡ ଫାଇଲ।
ସ୍ୱା- ଡେପୁଟି ଇନ୍‌ସପେକ୍ଟର ଜେନେରାଲ ଅଫ୍ ଫରେଷ୍ଟ (ସି)
ଅନୁବନ୍ଧ ୨
CO-ORDINATES OF PROPOSED BOREHOLES IN TARHAPANI (WEST) BLOCK
SL NO.	BH_NO	LONGITUDE	LATITUDE
1	TRPNPBH001	18°55'44.04"	82°38'19.60"
2	TRPNPBH002	18°55'44.58"	82°38'13.66"
3	TRPNPBH003	18°55'28.31"	82°38'05.67"
4	TRPNPBH004	18°55'28.59"	82°37'58.49"
5	TRPNPBH005	18°55'25.73"	82°38'06.94"
6	TRPNPBH006	18°55'24.96"	82°38'12.85"
7	TRPNPBH007	18°55'25.01"	82°38'19.65"
8	TRPNPBH008	18°55'19.55"	82°37'56.37"
9	TRPNPBH009	18°55'16.43"	82°38'09.11"
10	TRPNPBH010	18°55'18.53"	82°38'14.17"
11	TRPNPBH011	18°55'11.02"	82°38'07.32"
12	TRPNPBH012	18°55'11.05"	82°38'00.16"
13	TRPNPBH013	18°55'11.64"	82°38'12.13"
14	TRPNPBH014	18°55'05.61"	82°37'58.25"
15	TRPNPBH015	18°55'03.55"	82°37'25.98"
16	TRPNPBH016	18°55'07.79"	82°37'54.54"
17	TRPNPBH017	18°55'05.98"	82°37'57.75"
18	TRPNPBH018	18°55'05.83"	82°37'58.75"
19	TRPNPBH019	18°54'57.82"	82°37'24.89"
20	TRPNPBH020	18°55'00.19"	82°37'31.81"
21	TRPNPBH021	18°55'00.28"	82°37'45.47"
22	TRPNPBH022	18°54'59.11"	82°37'52.27"
23	TRPNPBH023	18°54'52.15"	82°37'58.43"
24	TRPNPBH024	18°54'53.15"	82°37'48.53"
25	TRPNPBH025	18°54'53.14"	82°37'38.34"
26	TRPNPBH026	18°54'50.21"	82°37'38.65"
27	TRPNPBH027	18°54'52.64"	82°37'45.42"
28	TRPNPBH028	18°54'52.82"	82°37'34.35"
29	TRPNPBH029	18°54'52.56"	82°37'52.33"
30	TRPNPBH030	18°54'46.95"	82°37'51.20"
31	TRPNPBH031	18°54'46.90"	82°37'42.23"
32	TRPNPBH032	18°54'46.31"	82°37'34.48"
33	TRPNPBH033	18°54'46.16"	82°37'38.58"
34	TRPNPBH034	18°54'45.26"	82°37'45.49"
35	TRPNPBH035	18°54'46.44"	82°37'53.40"
36	TRPNPBH036	18°54'39.60"	82°37'38.65"
37	TRPNPBH037	18°54'39.68"	82°37'45.42"
38	TRPNPBH038	18°54'39.86"	82°37'52.22"
39	TRPNPBH039	18°54'33.00"	82°37'37.55"
40	TRPNPBH040	18°54'33.21"	82°37'44.05"
41	TRPNPBH041	18°54'33.12"	82°37'49.80"
42	TRPNPBH042	18°54'33.21"	82°37'56.37"
43	TRPNPBH043	18°54'33.21"	82°38'02.05"
44	TRPNPBH044	18°54'26.64"	82°37'38.65"
45	TRPNPBH045	18°54'25.73"	82°37'45.42"
46	TRPNPBH046	18°54'26.64"	82°37'52.33"
47	TRPNPBH047	18°54'20.16"	82°37'18.11"
48	TRPNPBH048	18°54'20.26"	82°37'24.89"
49	TRPNPBH049	18°54'20.26"	82°37'31.81"
50	TRPNPBH050	18°54'20.26"	82°37'38.58"
51	TRPNPBH051	18°54'20.16"	82°37'44.75"
52	TRPNPBH052	18°54'14.04"	82°37'26.04"
53	TRPNPBH053	18°54'14.04"	82°37'36.84"
OIPR-08001/11/0002/2021
